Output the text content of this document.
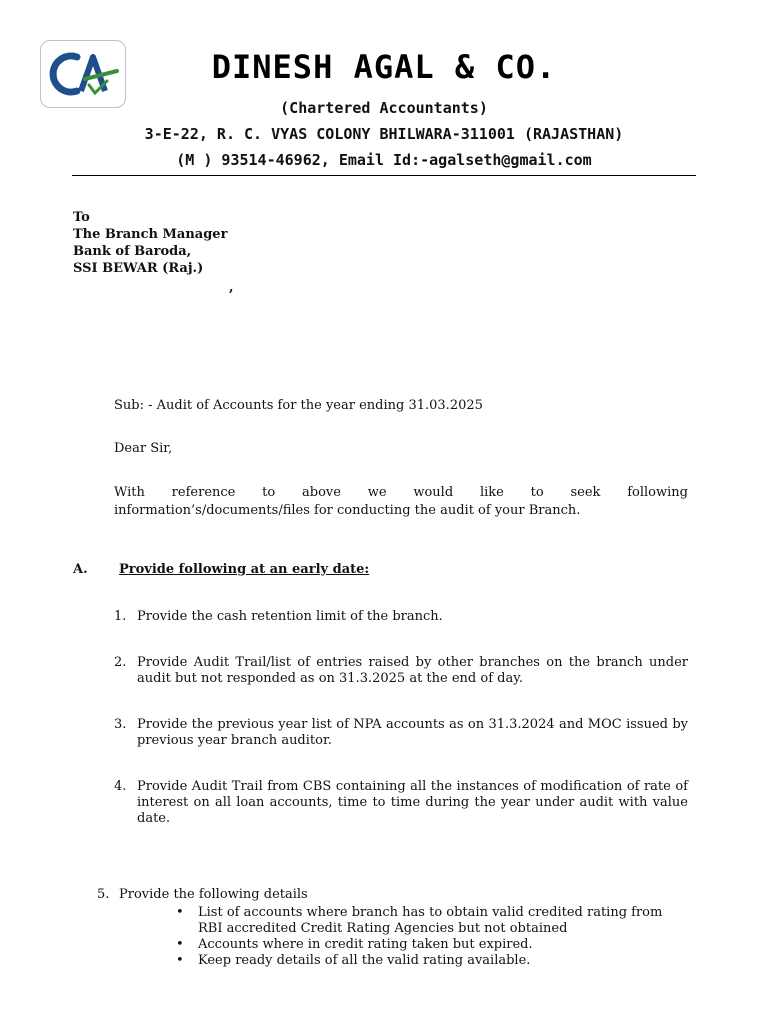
DINESH AGAL & CO.
(Chartered Accountants)
3-E-22, R. C. VYAS COLONY BHILWARA-311001 (RAJASTHAN)
(M ) 93514-46962, Email Id:-agalseth@gmail.com
To
The Branch Manager
Bank of Baroda,
SSI BEWAR (Raj.)
,
Sub: - Audit of Accounts for the year ending 31.03.2025
Dear Sir,
With reference to above we would like to seek following
information’s/documents/files for conducting the audit of your Branch.
A. Provide following at an early date:
1. Provide the cash retention limit of the branch.
2. Provide Audit Trail/list of entries raised by other branches on the branch under audit but not responded as on 31.3.2025 at the end of day.
3. Provide the previous year list of NPA accounts as on 31.3.2024 and MOC issued by previous year branch auditor.
4. Provide Audit Trail from CBS containing all the instances of modification of rate of interest on all loan accounts, time to time during the year under audit with value date.
5. Provide the following details
• List of accounts where branch has to obtain valid credited rating from RBI accredited Credit Rating Agencies but not obtained
• Accounts where in credit rating taken but expired.
• Keep ready details of all the valid rating available.
